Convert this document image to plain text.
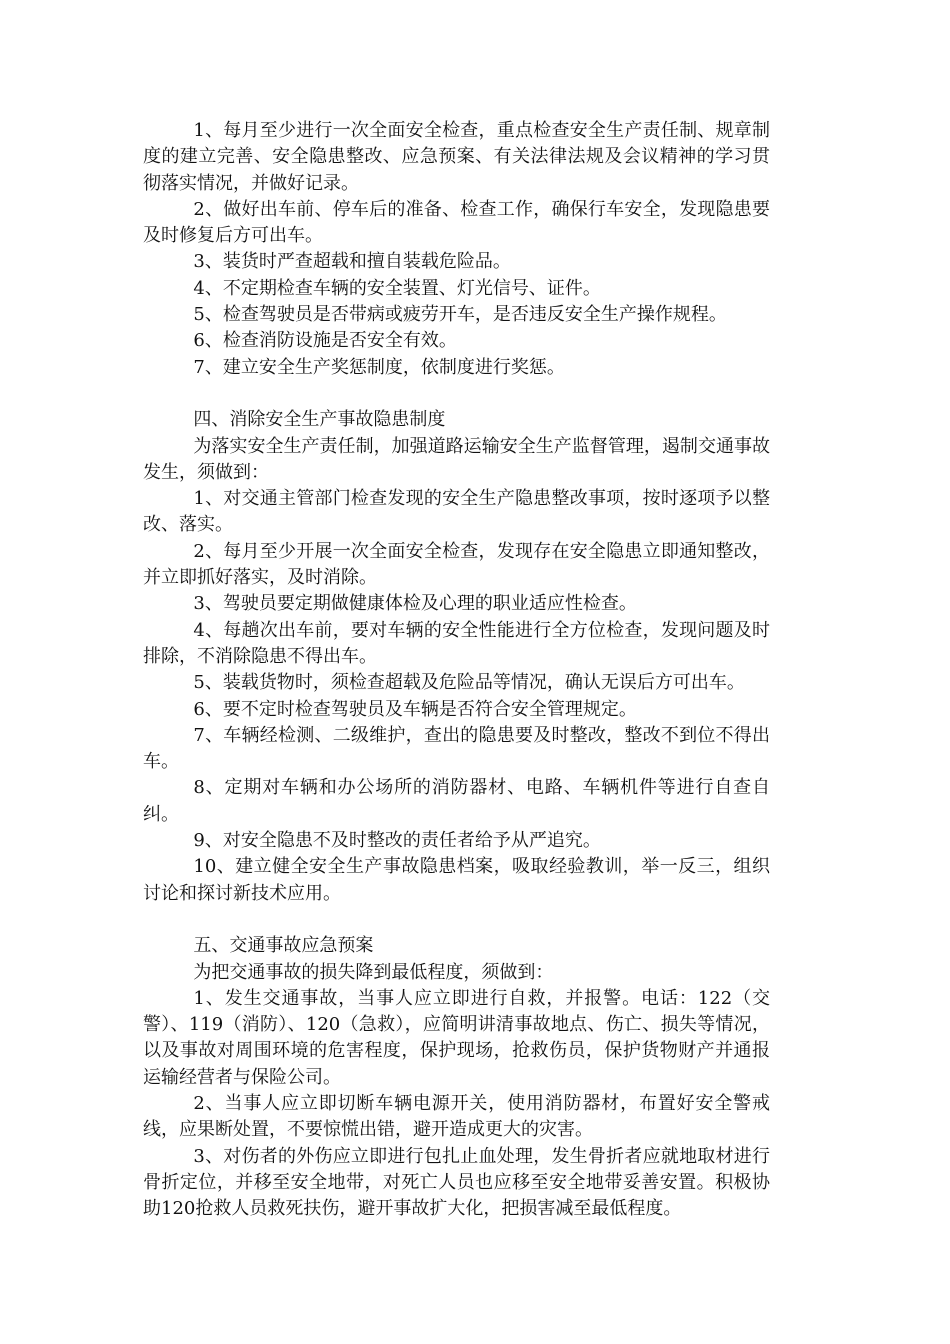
1、每月至少进行一次全面安全检查，重点检查安全生产责任制、规章制度的建立完善、安全隐患整改、应急预案、有关法律法规及会议精神的学习贯彻落实情况，并做好记录。

2、做好出车前、停车后的准备、检查工作，确保行车安全，发现隐患要及时修复后方可出车。

3、装货时严查超载和擅自装载危险品。

4、不定期检查车辆的安全装置、灯光信号、证件。

5、检查驾驶员是否带病或疲劳开车，是否违反安全生产操作规程。

6、检查消防设施是否安全有效。

7、建立安全生产奖惩制度，依制度进行奖惩。

四、消除安全生产事故隐患制度

为落实安全生产责任制，加强道路运输安全生产监督管理，遏制交通事故发生，须做到：

1、对交通主管部门检查发现的安全生产隐患整改事项，按时逐项予以整改、落实。

2、每月至少开展一次全面安全检查，发现存在安全隐患立即通知整改，并立即抓好落实，及时消除。

3、驾驶员要定期做健康体检及心理的职业适应性检查。

4、每趟次出车前，要对车辆的安全性能进行全方位检查，发现问题及时排除，不消除隐患不得出车。

5、装载货物时，须检查超载及危险品等情况，确认无误后方可出车。

6、要不定时检查驾驶员及车辆是否符合安全管理规定。

7、车辆经检测、二级维护，查出的隐患要及时整改，整改不到位不得出车。

8、定期对车辆和办公场所的消防器材、电路、车辆机件等进行自查自纠。

9、对安全隐患不及时整改的责任者给予从严追究。

10、建立健全安全生产事故隐患档案，吸取经验教训，举一反三，组织讨论和探讨新技术应用。

五、交通事故应急预案

为把交通事故的损失降到最低程度，须做到：

1、发生交通事故，当事人应立即进行自救，并报警。电话：122（交警）、119（消防）、120（急救），应简明讲清事故地点、伤亡、损失等情况，以及事故对周围环境的危害程度，保护现场，抢救伤员，保护货物财产并通报运输经营者与保险公司。

2、当事人应立即切断车辆电源开关，使用消防器材，布置好安全警戒线，应果断处置，不要惊慌出错，避开造成更大的灾害。

3、对伤者的外伤应立即进行包扎止血处理，发生骨折者应就地取材进行骨折定位，并移至安全地带，对死亡人员也应移至安全地带妥善安置。积极协助120抢救人员救死扶伤，避开事故扩大化，把损害减至最低程度。
